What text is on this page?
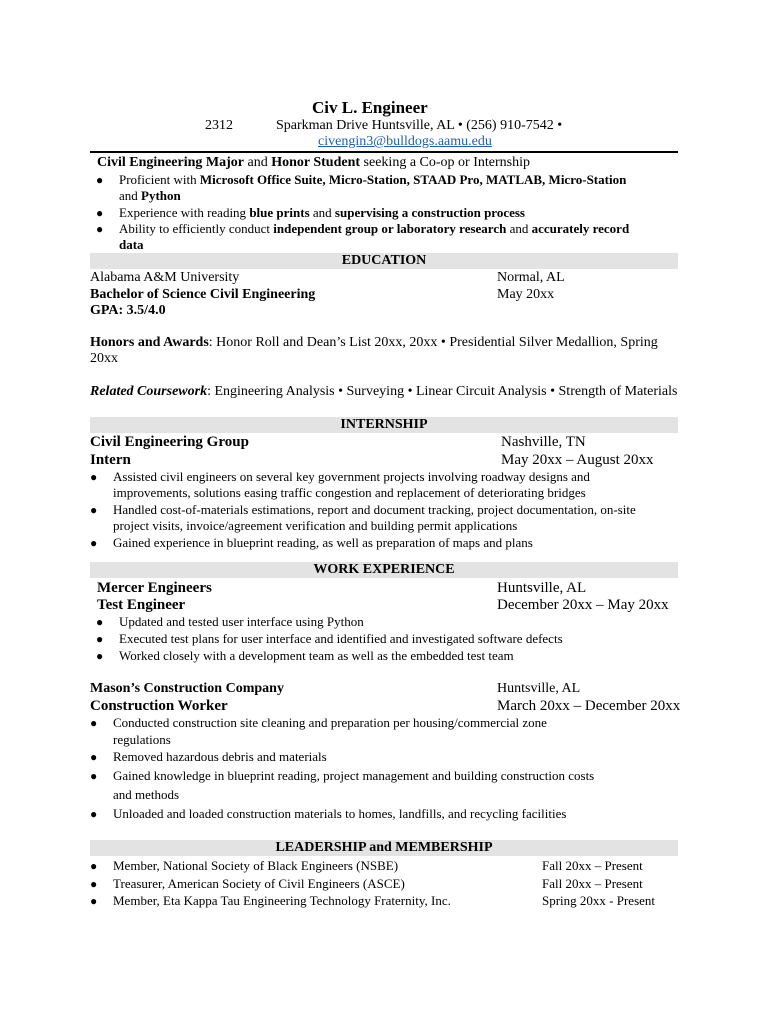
Civ L. Engineer
2312	Sparkman Drive Huntsville, AL • (256) 910-7542 •
civengin3@bulldogs.aamu.edu
Civil Engineering Major and Honor Student seeking a Co-op or Internship
● Proficient with Microsoft Office Suite, Micro-Station, STAAD Pro, MATLAB, Micro-Station
and Python
● Experience with reading blue prints and supervising a construction process
● Ability to efficiently conduct independent group or laboratory research and accurately record
data
EDUCATION
Alabama A&M University	Normal, AL
Bachelor of Science Civil Engineering	May 20xx
GPA: 3.5/4.0
Honors and Awards: Honor Roll and Dean’s List 20xx, 20xx • Presidential Silver Medallion, Spring
20xx
Related Coursework: Engineering Analysis • Surveying • Linear Circuit Analysis • Strength of Materials
INTERNSHIP
Civil Engineering Group	Nashville, TN
Intern	May 20xx – August 20xx
● Assisted civil engineers on several key government projects involving roadway designs and
improvements, solutions easing traffic congestion and replacement of deteriorating bridges
● Handled cost-of-materials estimations, report and document tracking, project documentation, on-site
project visits, invoice/agreement verification and building permit applications
● Gained experience in blueprint reading, as well as preparation of maps and plans
WORK EXPERIENCE
Mercer Engineers	Huntsville, AL
Test Engineer	December 20xx – May 20xx
● Updated and tested user interface using Python
● Executed test plans for user interface and identified and investigated software defects
● Worked closely with a development team as well as the embedded test team
Mason’s Construction Company	Huntsville, AL
Construction Worker	March 20xx – December 20xx
● Conducted construction site cleaning and preparation per housing/commercial zone
regulations
● Removed hazardous debris and materials
● Gained knowledge in blueprint reading, project management and building construction costs
and methods
● Unloaded and loaded construction materials to homes, landfills, and recycling facilities
LEADERSHIP and MEMBERSHIP
● Member, National Society of Black Engineers (NSBE)	Fall 20xx – Present
● Treasurer, American Society of Civil Engineers (ASCE)	Fall 20xx – Present
● Member, Eta Kappa Tau Engineering Technology Fraternity, Inc.	Spring 20xx - Present
